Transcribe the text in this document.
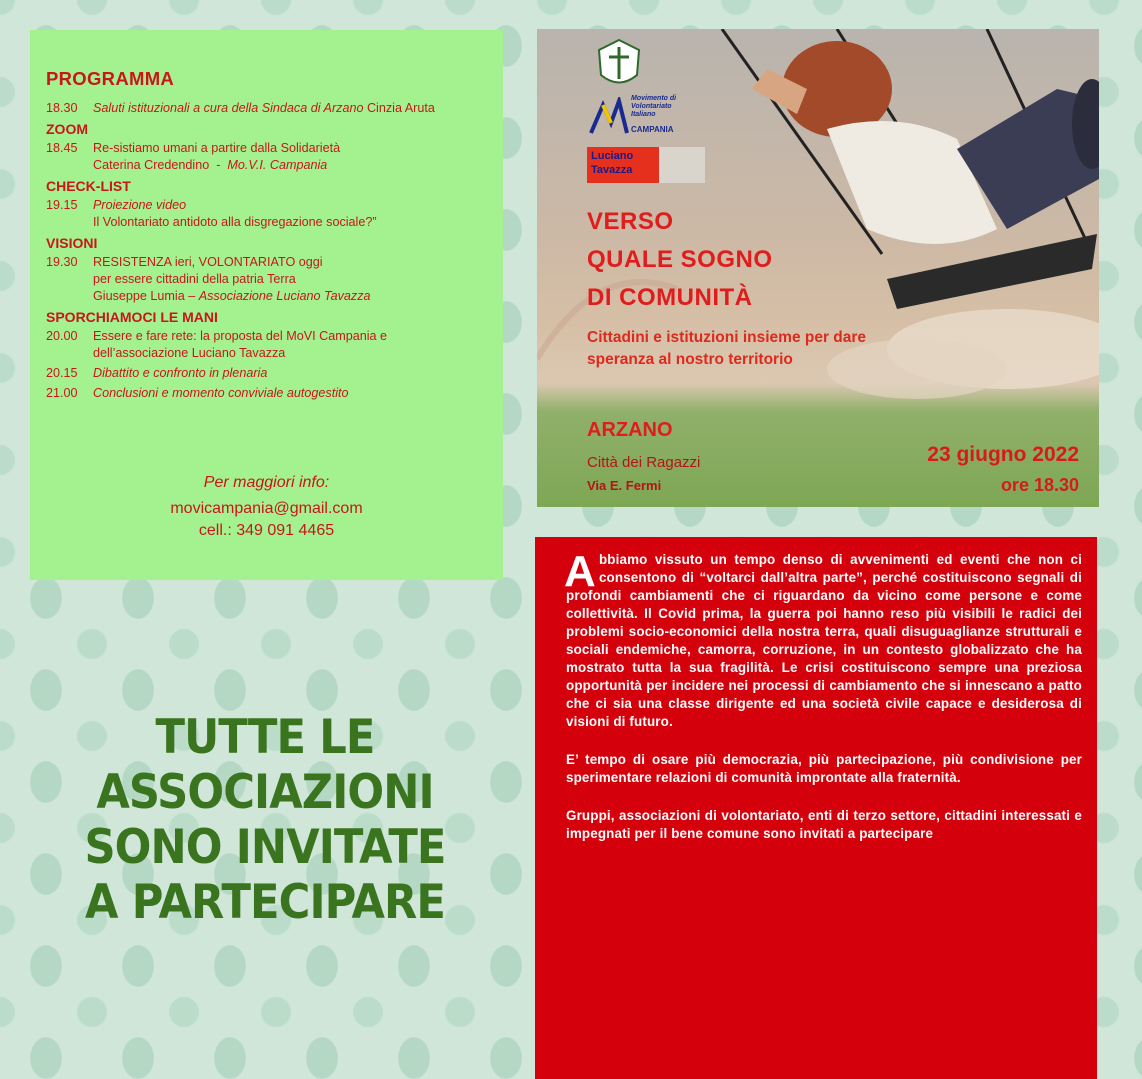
PROGRAMMA
18.30	Saluti istituzionali a cura della Sindaca di Arzano Cinzia Aruta
ZOOM
18.45	Re-sistiamo umani a partire dalla Solidarietà
Caterina Credendino  -  Mo.V.I. Campania
CHECK-LIST
19.15	Proiezione video
Il Volontariato antidoto alla disgregazione sociale?”
VISIONI
19.30	RESISTENZA ieri, VOLONTARIATO oggi
per essere cittadini della patria Terra
Giuseppe Lumia – Associazione Luciano Tavazza
SPORCHIAMOCI LE MANI
20.00	Essere e fare rete: la proposta del MoVI Campania e
dell’associazione Luciano Tavazza
20.15	Dibattito e confronto in plenaria
21.00	Conclusioni e momento conviviale autogestito
Per maggiori info:
movicampania@gmail.com
cell.: 349 091 4465
Movimento di
Volontariato
Italiano
CAMPANIA
Luciano Tavazza
VERSO
QUALE SOGNO
DI COMUNITÀ
Cittadini e istituzioni insieme per dare
speranza al nostro territorio
ARZANO
Città dei Ragazzi
Via E. Fermi
23 giugno 2022
ore 18.30

Abbiamo vissuto un tempo denso di avvenimenti ed eventi che non ci consentono di “voltarci dall’altra parte”, perché costituiscono segnali di profondi cambiamenti che ci riguardano da vicino come persone e come collettività. Il Covid prima, la guerra poi hanno reso più visibili le radici dei problemi socio-economici della nostra terra, quali disuguaglianze strutturali e sociali endemiche, camorra, corruzione, in un contesto globalizzato che ha mostrato tutta la sua fragilità. Le crisi costituiscono sempre una preziosa opportunità per incidere nei processi di cambiamento che si innescano a patto che ci sia una classe dirigente ed una società civile capace e desiderosa di visioni di futuro.

E’ tempo di osare più democrazia, più partecipazione, più condivisione per sperimentare relazioni di comunità improntate alla fraternità.

Gruppi, associazioni di volontariato, enti di terzo settore, cittadini interessati e impegnati per il bene comune sono invitati a partecipare

TUTTE LE
ASSOCIAZIONI
SONO INVITATE
A PARTECIPARE
